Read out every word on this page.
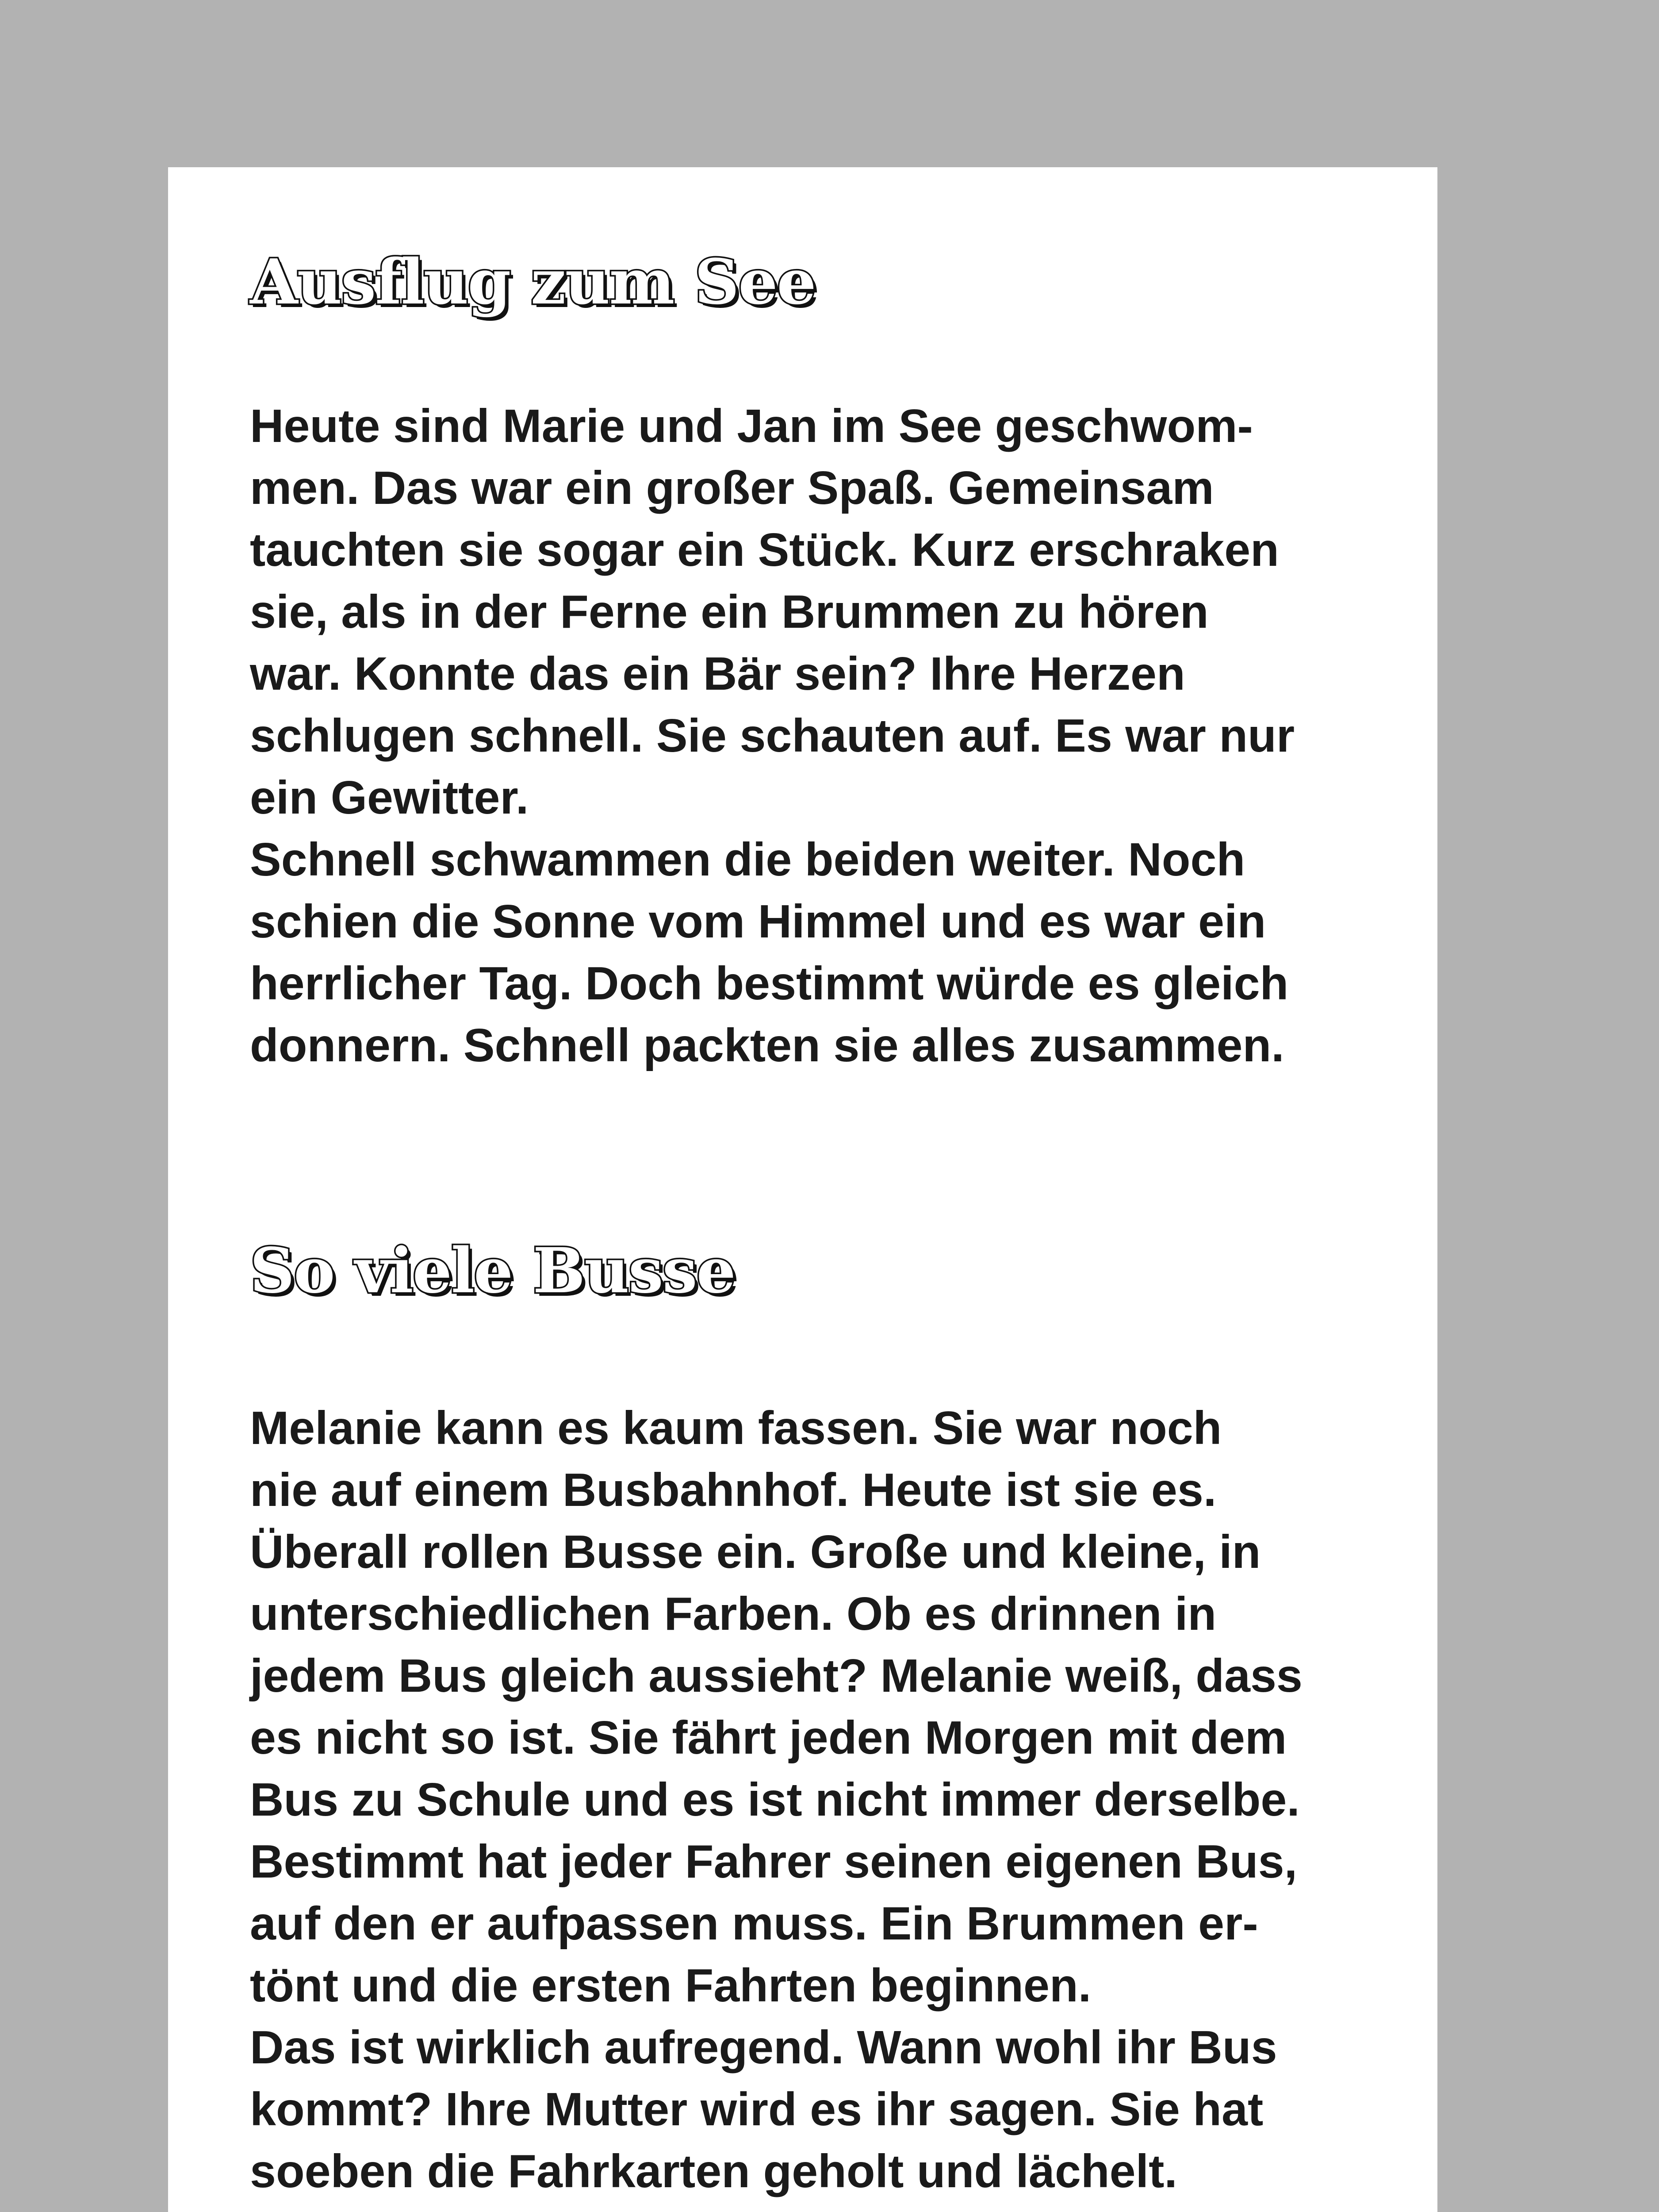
Ausflug zum See
Heute sind Marie und Jan im See geschwom-
men. Das war ein großer Spaß. Gemeinsam
tauchten sie sogar ein Stück. Kurz erschraken
sie, als in der Ferne ein Brummen zu hören
war. Konnte das ein Bär sein? Ihre Herzen
schlugen schnell. Sie schauten auf. Es war nur
ein Gewitter.
Schnell schwammen die beiden weiter. Noch
schien die Sonne vom Himmel und es war ein
herrlicher Tag. Doch bestimmt würde es gleich
donnern. Schnell packten sie alles zusammen.
So viele Busse
Melanie kann es kaum fassen. Sie war noch
nie auf einem Busbahnhof. Heute ist sie es.
Überall rollen Busse ein. Große und kleine, in
unterschiedlichen Farben. Ob es drinnen in
jedem Bus gleich aussieht? Melanie weiß, dass
es nicht so ist. Sie fährt jeden Morgen mit dem
Bus zu Schule und es ist nicht immer derselbe.
Bestimmt hat jeder Fahrer seinen eigenen Bus,
auf den er aufpassen muss. Ein Brummen er-
tönt und die ersten Fahrten beginnen.
Das ist wirklich aufregend. Wann wohl ihr Bus
kommt? Ihre Mutter wird es ihr sagen. Sie hat
soeben die Fahrkarten geholt und lächelt.
